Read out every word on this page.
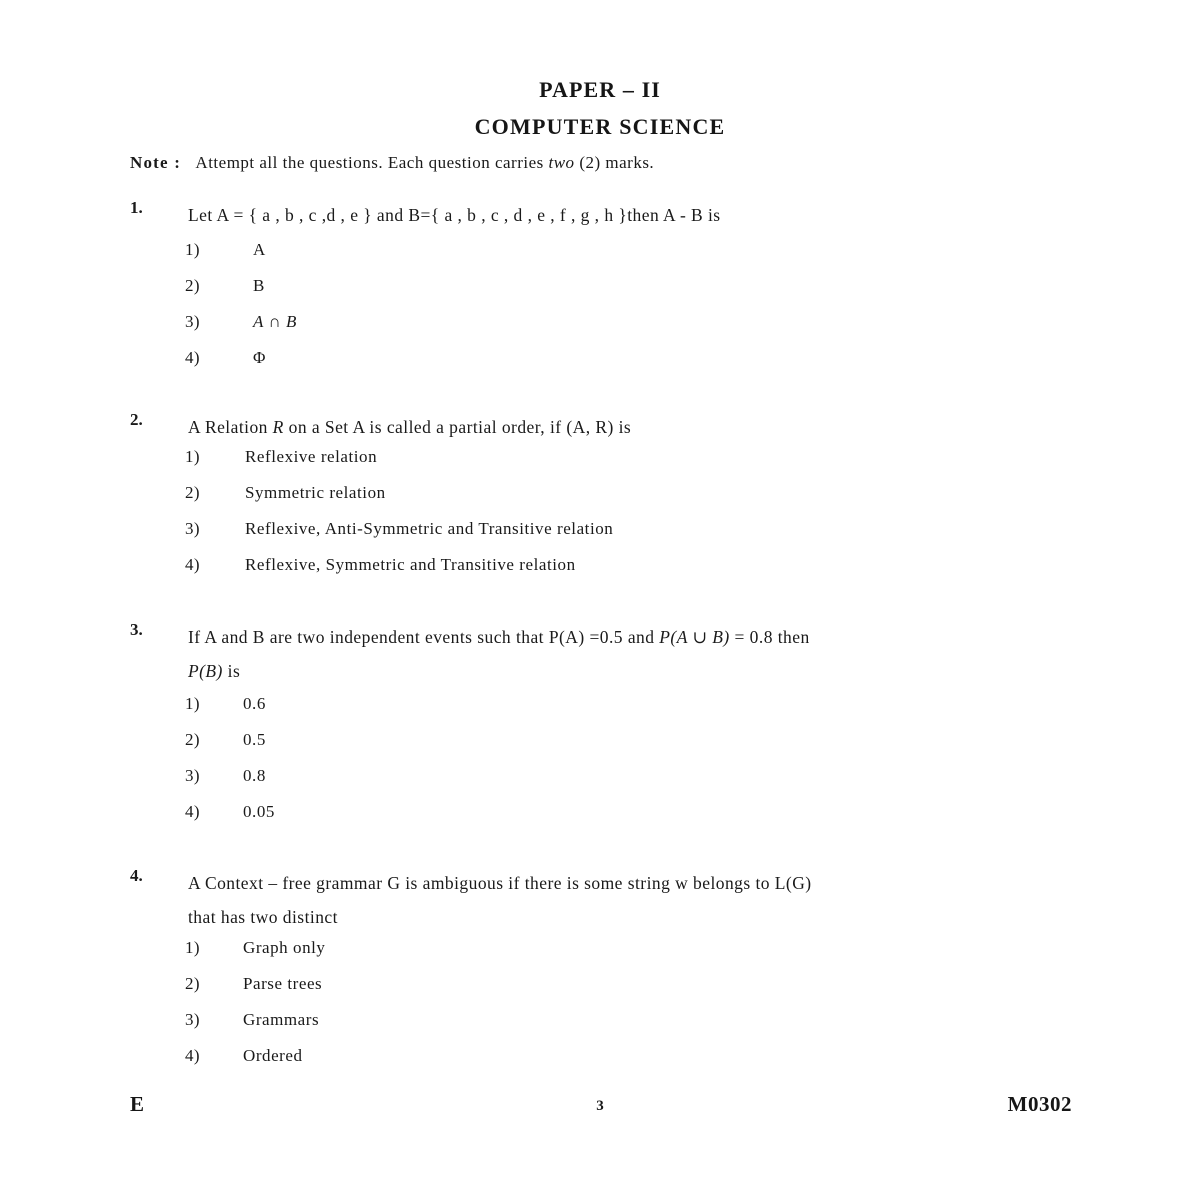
PAPER – II
COMPUTER SCIENCE
Note : Attempt all the questions. Each question carries two (2) marks.
1.	Let A = { a , b , c ,d , e } and B={ a , b , c , d , e , f , g , h }then A - B is
1)	A
2)	B
3)	A ∩ B
4)	Φ
2.	A Relation R on a Set A is called a partial order, if (A, R) is
1)	Reflexive relation
2)	Symmetric relation
3)	Reflexive, Anti-Symmetric and Transitive relation
4)	Reflexive, Symmetric and Transitive relation
3.	If A and B are two independent events such that P(A) =0.5 and P(A ∪ B) = 0.8 then
P(B) is
1)	0.6
2)	0.5
3)	0.8
4)	0.05
4.	A Context – free grammar G is ambiguous if there is some string w belongs to L(G)
that has two distinct
1)	Graph only
2)	Parse trees
3)	Grammars
4)	Ordered
E	3	M0302
